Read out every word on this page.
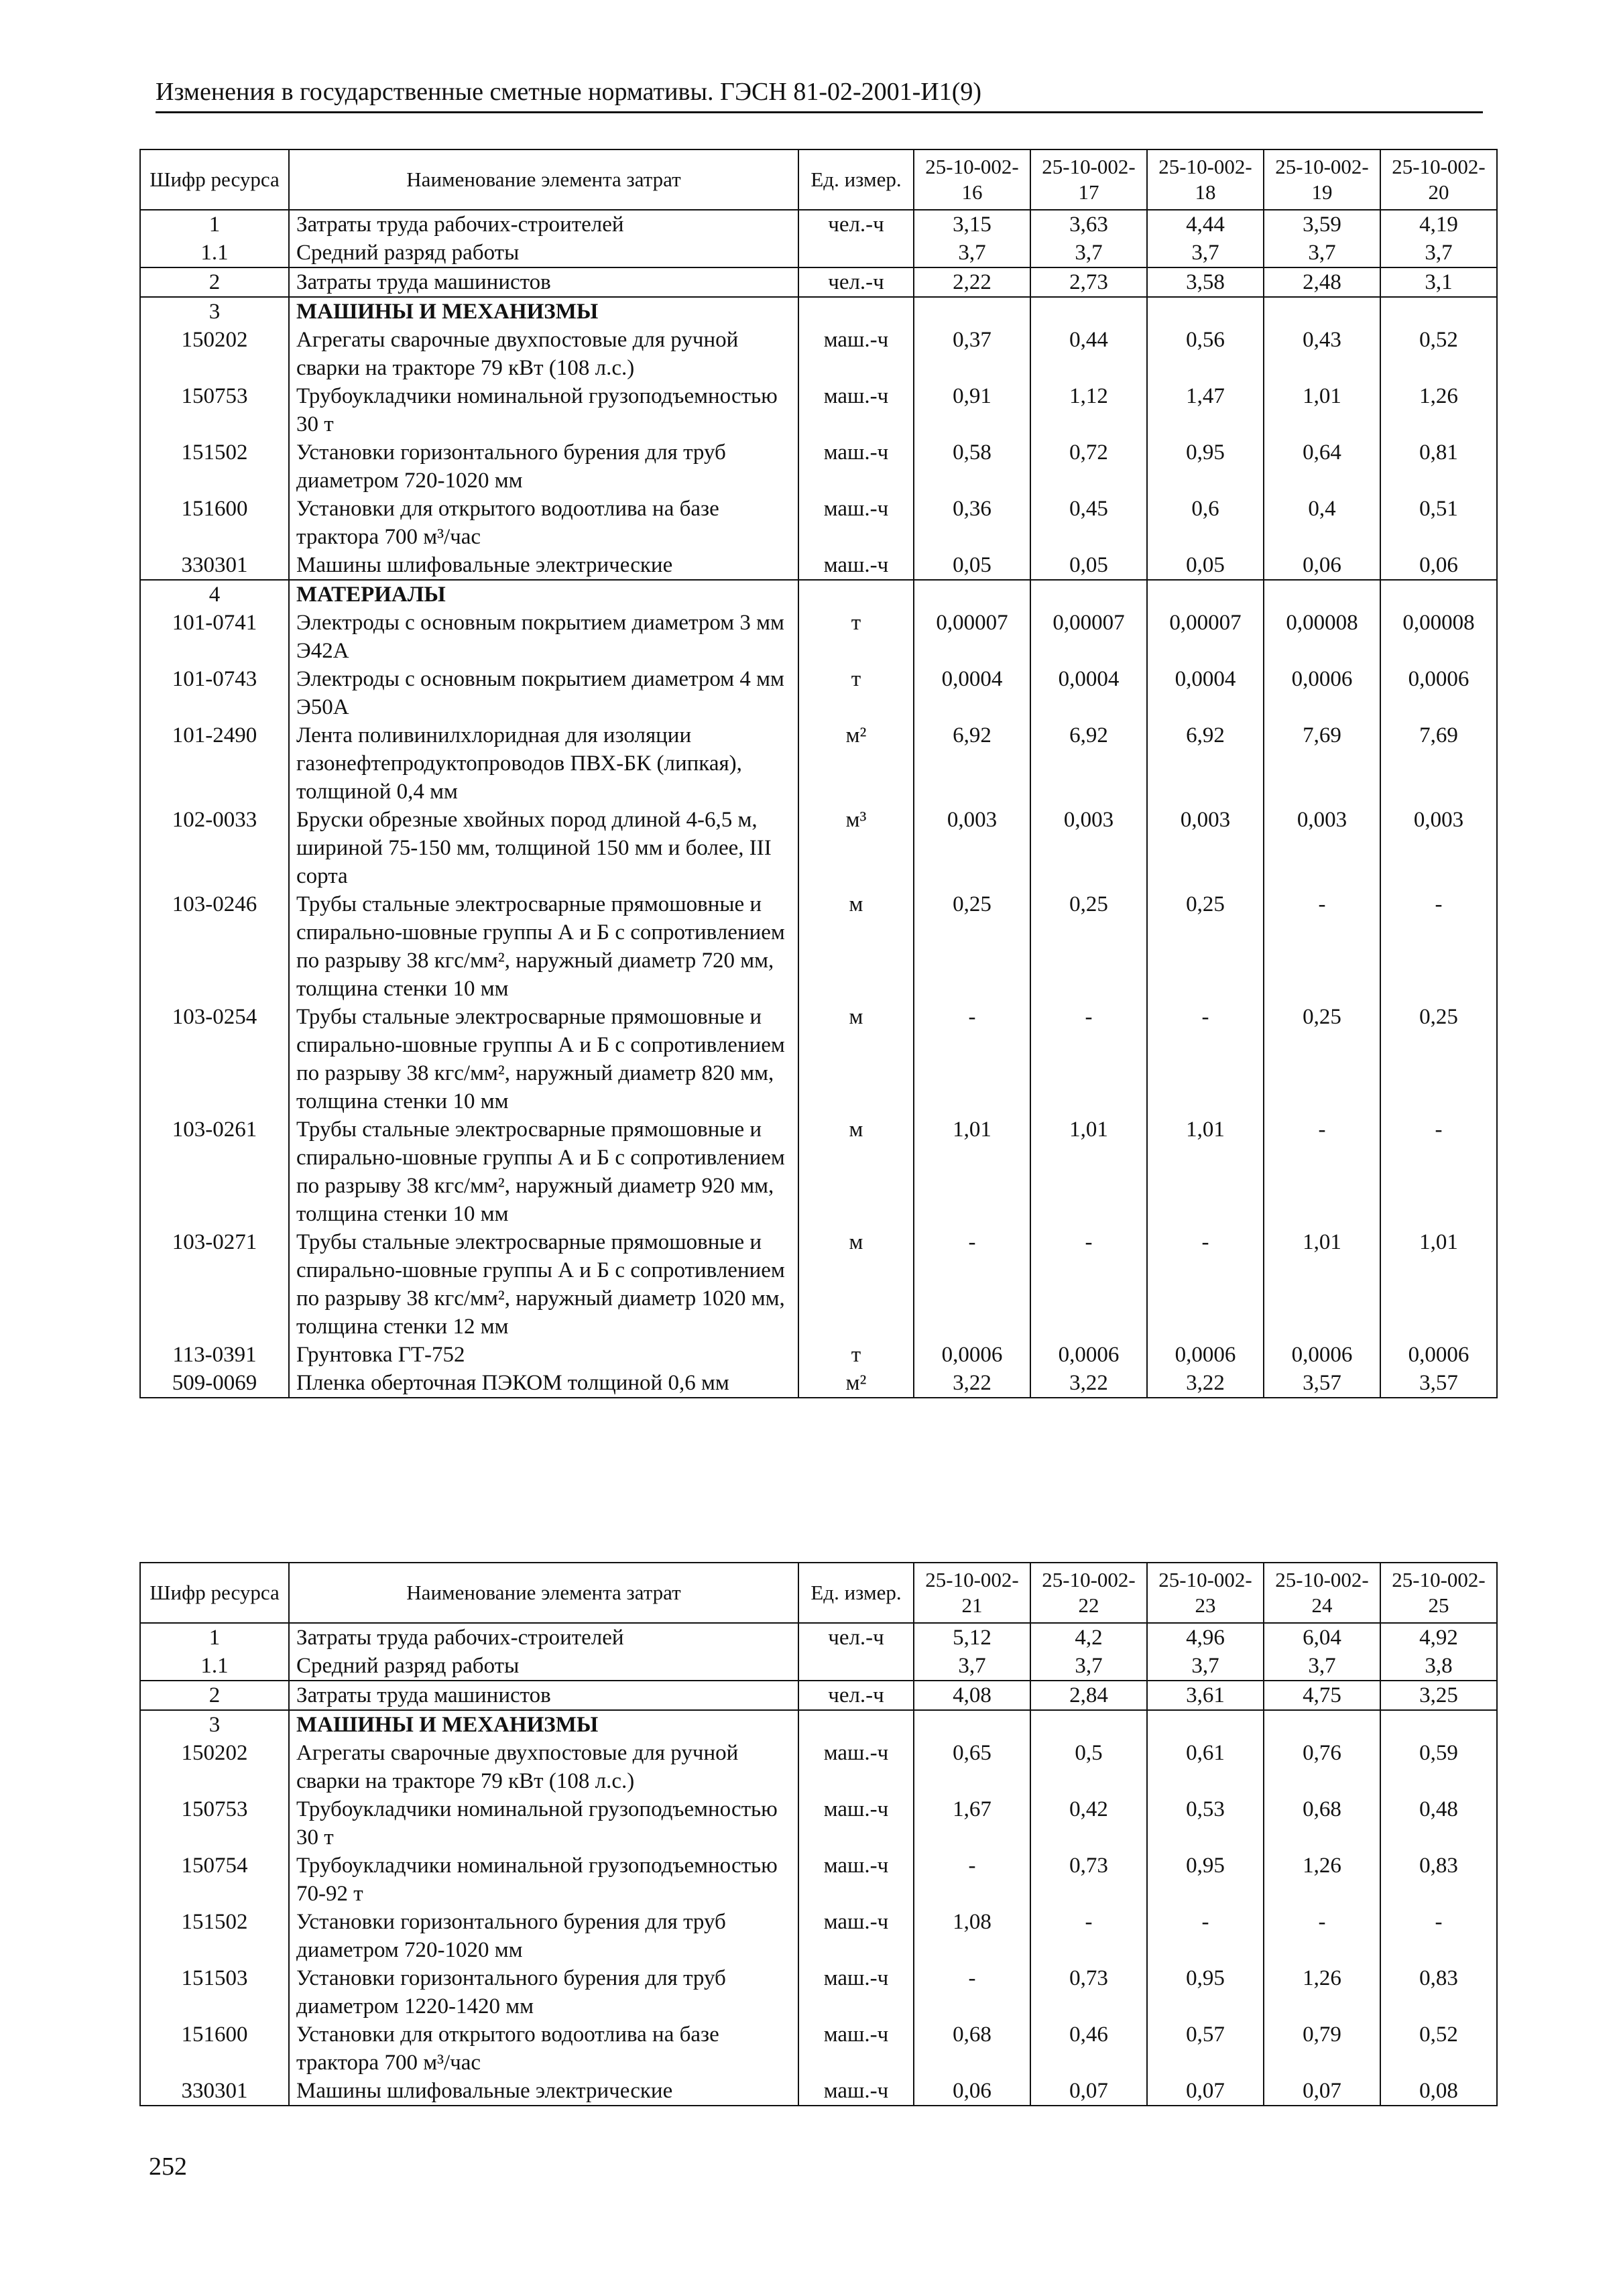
Изменения в государственные сметные нормативы. ГЭСН 81-02-2001-И1(9)
Шифр ресурса	Наименование элемента затрат	Ед. измер.	25-10-002-16	25-10-002-17	25-10-002-18	25-10-002-19	25-10-002-20
1	Затраты труда рабочих-строителей	чел.-ч	3,15	3,63	4,44	3,59	4,19
1.1	Средний разряд работы		3,7	3,7	3,7	3,7	3,7
2	Затраты труда машинистов	чел.-ч	2,22	2,73	3,58	2,48	3,1
3	МАШИНЫ И МЕХАНИЗМЫ						
150202	Агрегаты сварочные двухпостовые для ручной сварки на тракторе 79 кВт (108 л.с.)	маш.-ч	0,37	0,44	0,56	0,43	0,52
150753	Трубоукладчики номинальной грузоподъемностью 30 т	маш.-ч	0,91	1,12	1,47	1,01	1,26
151502	Установки горизонтального бурения для труб диаметром 720-1020 мм	маш.-ч	0,58	0,72	0,95	0,64	0,81
151600	Установки для открытого водоотлива на базе трактора 700 м³/час	маш.-ч	0,36	0,45	0,6	0,4	0,51
330301	Машины шлифовальные электрические	маш.-ч	0,05	0,05	0,05	0,06	0,06
4	МАТЕРИАЛЫ						
101-0741	Электроды с основным покрытием диаметром 3 мм Э42А	т	0,00007	0,00007	0,00007	0,00008	0,00008
101-0743	Электроды с основным покрытием диаметром 4 мм Э50А	т	0,0004	0,0004	0,0004	0,0006	0,0006
101-2490	Лента поливинилхлоридная для изоляции газонефтепродуктопроводов ПВХ-БК (липкая), толщиной 0,4 мм	м²	6,92	6,92	6,92	7,69	7,69
102-0033	Бруски обрезные хвойных пород длиной 4-6,5 м, шириной 75-150 мм, толщиной 150 мм и более, III сорта	м³	0,003	0,003	0,003	0,003	0,003
103-0246	Трубы стальные электросварные прямошовные и спирально-шовные группы А и Б с сопротивлением по разрыву 38 кгс/мм², наружный диаметр 720 мм, толщина стенки 10 мм	м	0,25	0,25	0,25	-	-
103-0254	Трубы стальные электросварные прямошовные и спирально-шовные группы А и Б с сопротивлением по разрыву 38 кгс/мм², наружный диаметр 820 мм, толщина стенки 10 мм	м	-	-	-	0,25	0,25
103-0261	Трубы стальные электросварные прямошовные и спирально-шовные группы А и Б с сопротивлением по разрыву 38 кгс/мм², наружный диаметр 920 мм, толщина стенки 10 мм	м	1,01	1,01	1,01	-	-
103-0271	Трубы стальные электросварные прямошовные и спирально-шовные группы А и Б с сопротивлением по разрыву 38 кгс/мм², наружный диаметр 1020 мм, толщина стенки 12 мм	м	-	-	-	1,01	1,01
113-0391	Грунтовка ГТ-752	т	0,0006	0,0006	0,0006	0,0006	0,0006
509-0069	Пленка оберточная ПЭКОМ толщиной 0,6 мм	м²	3,22	3,22	3,22	3,57	3,57
Шифр ресурса	Наименование элемента затрат	Ед. измер.	25-10-002-21	25-10-002-22	25-10-002-23	25-10-002-24	25-10-002-25
1	Затраты труда рабочих-строителей	чел.-ч	5,12	4,2	4,96	6,04	4,92
1.1	Средний разряд работы		3,7	3,7	3,7	3,7	3,8
2	Затраты труда машинистов	чел.-ч	4,08	2,84	3,61	4,75	3,25
3	МАШИНЫ И МЕХАНИЗМЫ						
150202	Агрегаты сварочные двухпостовые для ручной сварки на тракторе 79 кВт (108 л.с.)	маш.-ч	0,65	0,5	0,61	0,76	0,59
150753	Трубоукладчики номинальной грузоподъемностью 30 т	маш.-ч	1,67	0,42	0,53	0,68	0,48
150754	Трубоукладчики номинальной грузоподъемностью 70-92 т	маш.-ч	-	0,73	0,95	1,26	0,83
151502	Установки горизонтального бурения для труб диаметром 720-1020 мм	маш.-ч	1,08	-	-	-	-
151503	Установки горизонтального бурения для труб диаметром 1220-1420 мм	маш.-ч	-	0,73	0,95	1,26	0,83
151600	Установки для открытого водоотлива на базе трактора 700 м³/час	маш.-ч	0,68	0,46	0,57	0,79	0,52
330301	Машины шлифовальные электрические	маш.-ч	0,06	0,07	0,07	0,07	0,08
252
